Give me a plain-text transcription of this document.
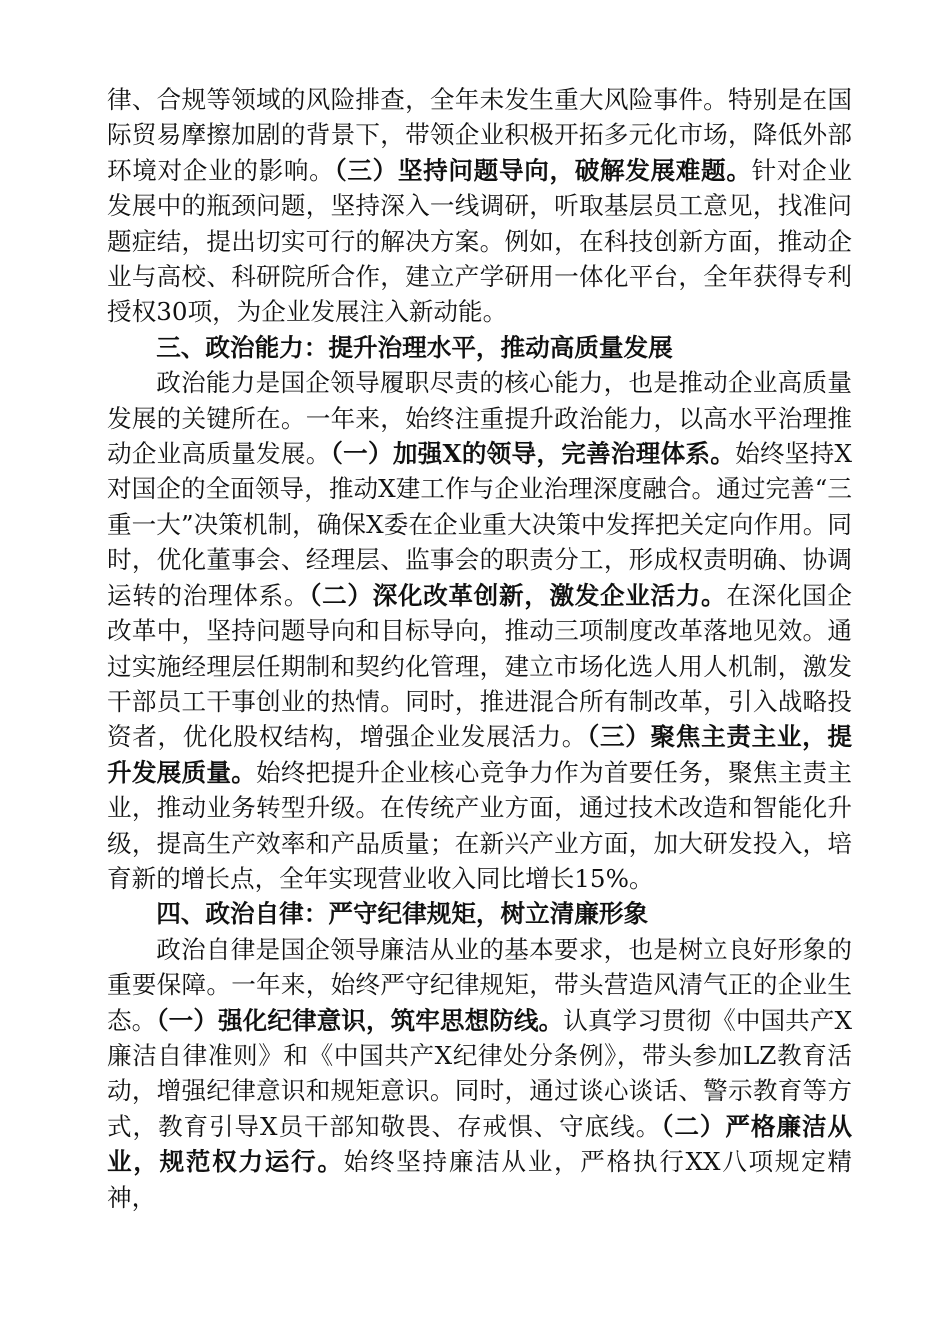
律、合规等领域的风险排查，全年未发生重大风险事件。特别是在国际贸易摩擦加剧的背景下，带领企业积极开拓多元化市场，降低外部环境对企业的影响。（三）坚持问题导向，破解发展难题。针对企业发展中的瓶颈问题，坚持深入一线调研，听取基层员工意见，找准问题症结，提出切实可行的解决方案。例如，在科技创新方面，推动企业与高校、科研院所合作，建立产学研用一体化平台，全年获得专利授权30项，为企业发展注入新动能。

三、政治能力：提升治理水平，推动高质量发展

政治能力是国企领导履职尽责的核心能力，也是推动企业高质量发展的关键所在。一年来，始终注重提升政治能力，以高水平治理推动企业高质量发展。（一）加强X的领导，完善治理体系。始终坚持X对国企的全面领导，推动X建工作与企业治理深度融合。通过完善“三重一大”决策机制，确保X委在企业重大决策中发挥把关定向作用。同时，优化董事会、经理层、监事会的职责分工，形成权责明确、协调运转的治理体系。（二）深化改革创新，激发企业活力。在深化国企改革中，坚持问题导向和目标导向，推动三项制度改革落地见效。通过实施经理层任期制和契约化管理，建立市场化选人用人机制，激发干部员工干事创业的热情。同时，推进混合所有制改革，引入战略投资者，优化股权结构，增强企业发展活力。（三）聚焦主责主业，提升发展质量。始终把提升企业核心竞争力作为首要任务，聚焦主责主业，推动业务转型升级。在传统产业方面，通过技术改造和智能化升级，提高生产效率和产品质量；在新兴产业方面，加大研发投入，培育新的增长点，全年实现营业收入同比增长15%。

四、政治自律：严守纪律规矩，树立清廉形象

政治自律是国企领导廉洁从业的基本要求，也是树立良好形象的重要保障。一年来，始终严守纪律规矩，带头营造风清气正的企业生态。（一）强化纪律意识，筑牢思想防线。认真学习贯彻《中国共产X廉洁自律准则》和《中国共产X纪律处分条例》，带头参加LZ教育活动，增强纪律意识和规矩意识。同时，通过谈心谈话、警示教育等方式，教育引导X员干部知敬畏、存戒惧、守底线。（二）严格廉洁从业，规范权力运行。始终坚持廉洁从业，严格执行XX八项规定精神，
